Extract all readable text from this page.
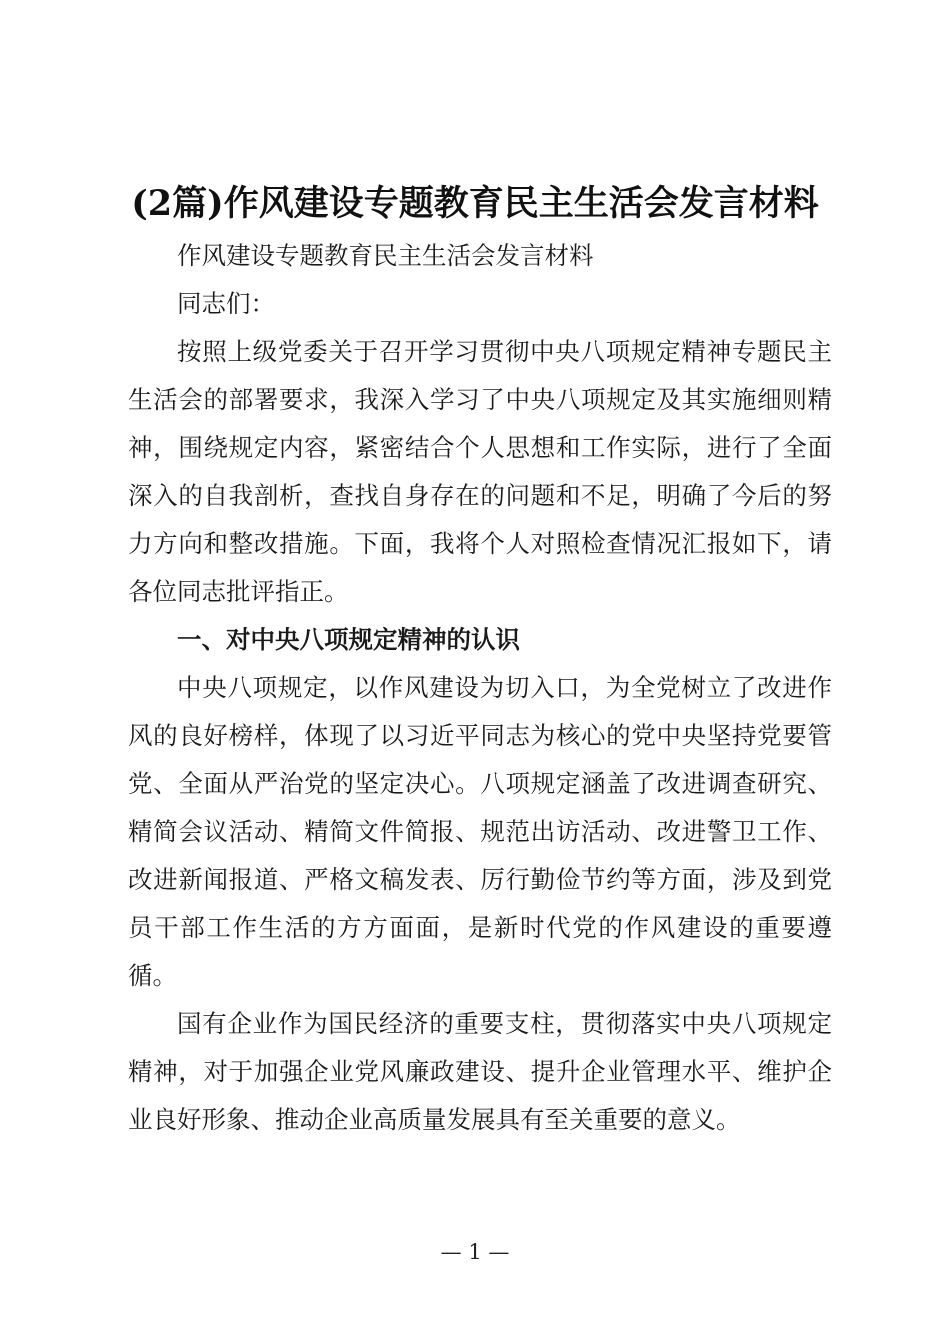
(2篇)作风建设专题教育民主生活会发言材料

作风建设专题教育民主生活会发言材料

同志们：

按照上级党委关于召开学习贯彻中央八项规定精神专题民主生活会的部署要求，我深入学习了中央八项规定及其实施细则精神，围绕规定内容，紧密结合个人思想和工作实际，进行了全面深入的自我剖析，查找自身存在的问题和不足，明确了今后的努力方向和整改措施。下面，我将个人对照检查情况汇报如下，请各位同志批评指正。

一、对中央八项规定精神的认识

中央八项规定，以作风建设为切入口，为全党树立了改进作风的良好榜样，体现了以习近平同志为核心的党中央坚持党要管党、全面从严治党的坚定决心。八项规定涵盖了改进调查研究、精简会议活动、精简文件简报、规范出访活动、改进警卫工作、改进新闻报道、严格文稿发表、厉行勤俭节约等方面，涉及到党员干部工作生活的方方面面，是新时代党的作风建设的重要遵循。

国有企业作为国民经济的重要支柱，贯彻落实中央八项规定精神，对于加强企业党风廉政建设、提升企业管理水平、维护企业良好形象、推动企业高质量发展具有至关重要的意义。

— 1 —
